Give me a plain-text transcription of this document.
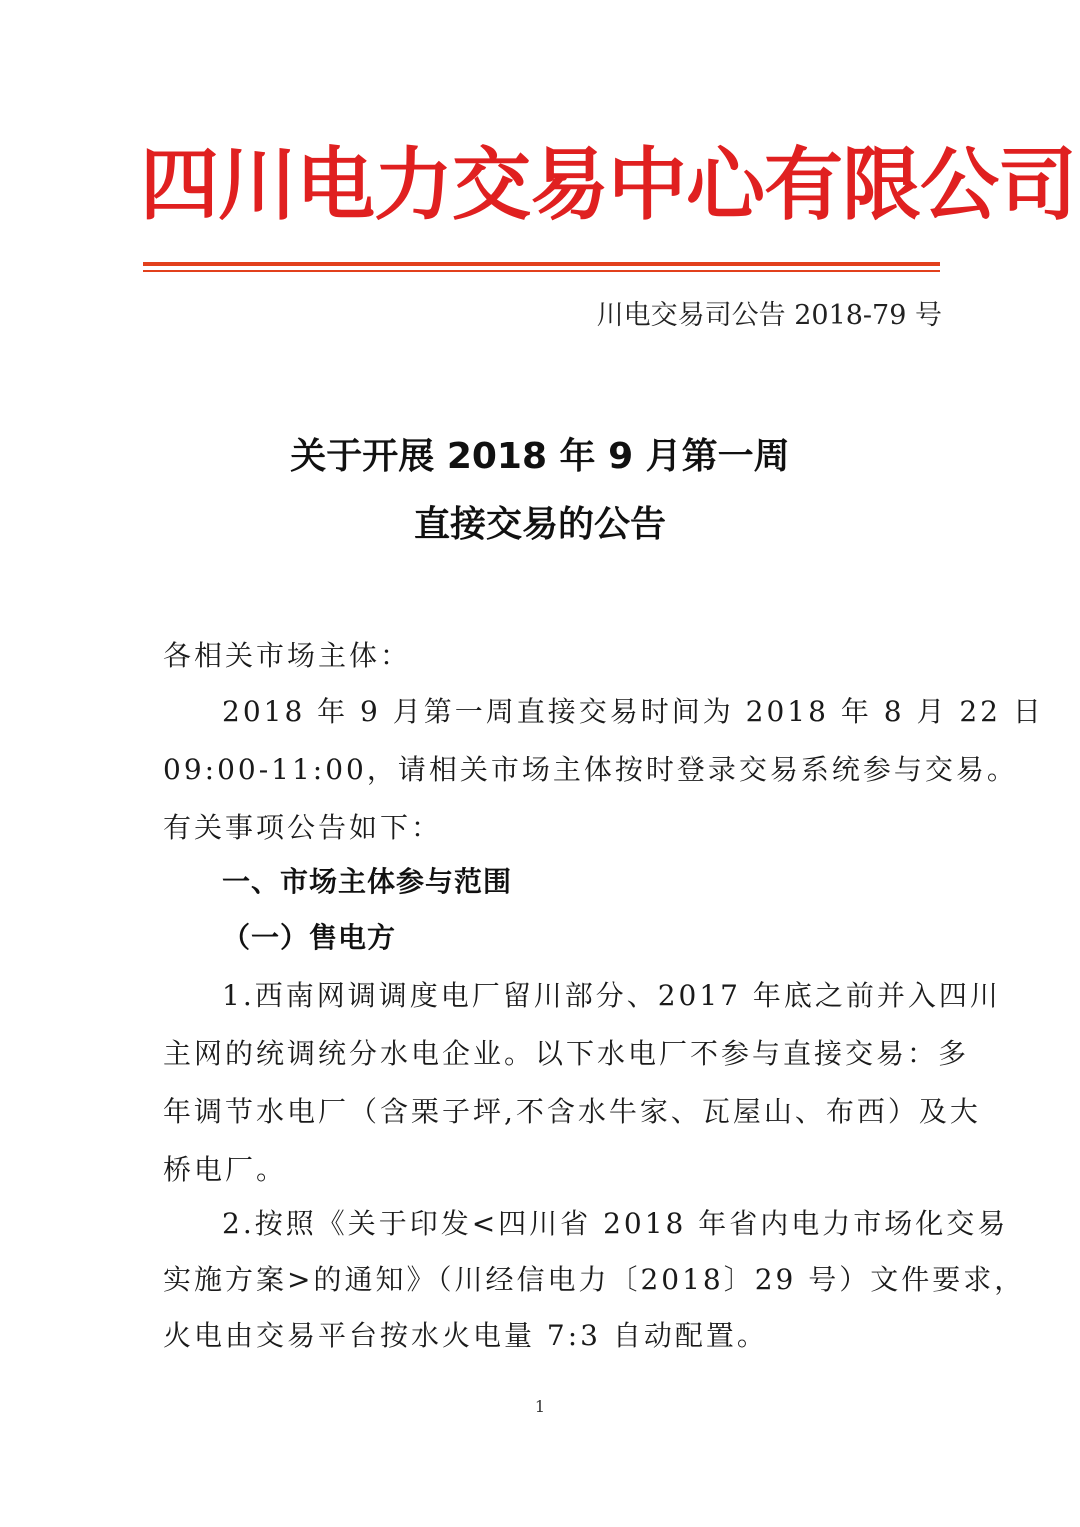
四川电力交易中心有限公司
川电交易司公告 2018-79 号
关于开展 2018 年 9 月第一周
直接交易的公告
各相关市场主体：
2018 年 9 月第一周直接交易时间为 2018 年 8 月 22 日
09:00-11:00，请相关市场主体按时登录交易系统参与交易。
有关事项公告如下：
一、市场主体参与范围
（一）售电方
1.西南网调调度电厂留川部分、2017 年底之前并入四川
主网的统调统分水电企业。以下水电厂不参与直接交易：多
年调节水电厂（含栗子坪,不含水牛家、瓦屋山、布西）及大
桥电厂。
2.按照《关于印发<四川省 2018 年省内电力市场化交易
实施方案>的通知》（川经信电力〔2018〕29 号）文件要求，
火电由交易平台按水火电量 7:3 自动配置。
1
